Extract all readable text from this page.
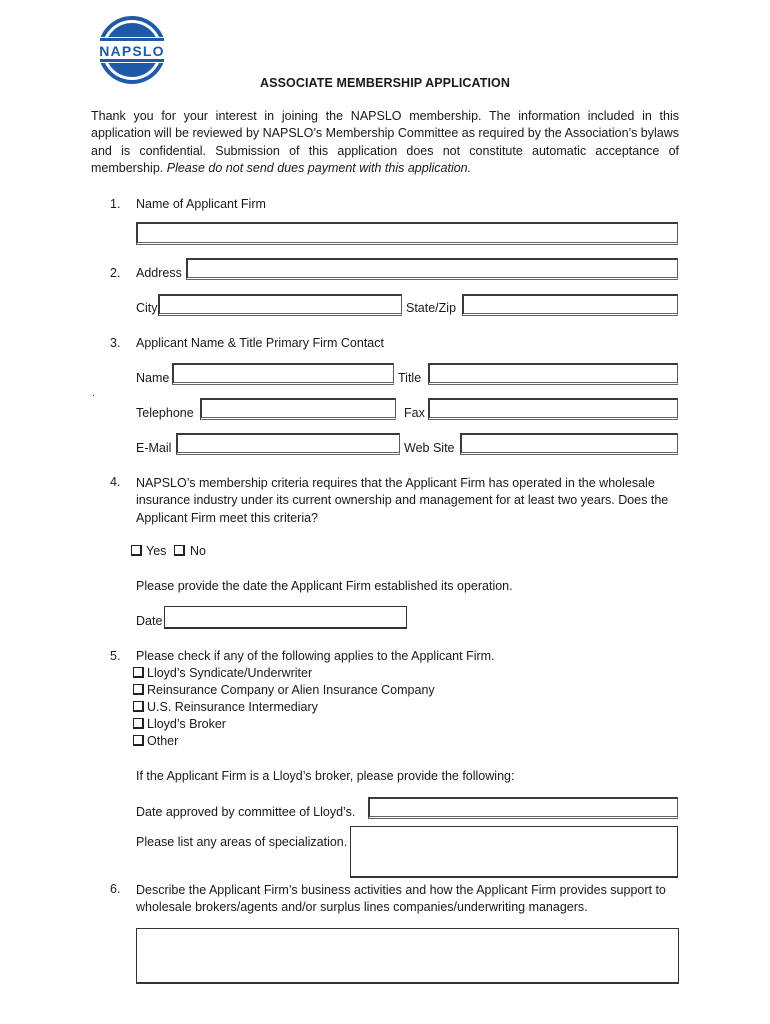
NAPSLO
ASSOCIATE MEMBERSHIP APPLICATION
Thank you for your interest in joining the NAPSLO membership. The information included in this application will be reviewed by NAPSLO’s Membership Committee as required by the Association’s bylaws and is confidential. Submission of this application does not constitute automatic acceptance of membership. Please do not send dues payment with this application.
1. Name of Applicant Firm
2. Address
City	State/Zip
3. Applicant Name & Title Primary Firm Contact
Name	Title
.
Telephone	Fax
E-Mail	Web Site
4. NAPSLO’s membership criteria requires that the Applicant Firm has operated in the wholesale insurance industry under its current ownership and management for at least two years. Does the Applicant Firm meet this criteria?
Yes No
Please provide the date the Applicant Firm established its operation.
Date
5. Please check if any of the following applies to the Applicant Firm.
Lloyd’s Syndicate/Underwriter
Reinsurance Company or Alien Insurance Company
U.S. Reinsurance Intermediary
Lloyd’s Broker
Other
If the Applicant Firm is a Lloyd’s broker, please provide the following:
Date approved by committee of Lloyd’s.
Please list any areas of specialization.
6. Describe the Applicant Firm’s business activities and how the Applicant Firm provides support to wholesale brokers/agents and/or surplus lines companies/underwriting managers.
